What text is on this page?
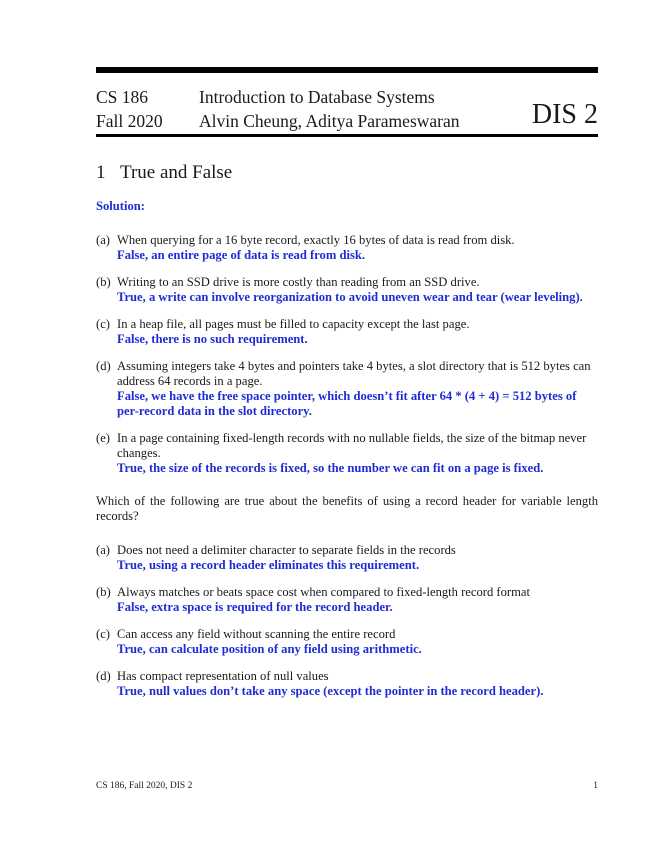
CS 186
Fall 2020
Introduction to Database Systems
Alvin Cheung, Aditya Parameswaran	DIS 2
1 True and False
Solution:
(a) When querying for a 16 byte record, exactly 16 bytes of data is read from disk.
False, an entire page of data is read from disk.
(b) Writing to an SSD drive is more costly than reading from an SSD drive.
True, a write can involve reorganization to avoid uneven wear and tear (wear leveling).
(c) In a heap file, all pages must be filled to capacity except the last page.
False, there is no such requirement.
(d) Assuming integers take 4 bytes and pointers take 4 bytes, a slot directory that is 512 bytes can address 64 records in a page.
False, we have the free space pointer, which doesn’t fit after 64 * (4 + 4) = 512 bytes of per-record data in the slot directory.
(e) In a page containing fixed-length records with no nullable fields, the size of the bitmap never changes.
True, the size of the records is fixed, so the number we can fit on a page is fixed.
Which of the following are true about the benefits of using a record header for variable length records?
(a) Does not need a delimiter character to separate fields in the records
True, using a record header eliminates this requirement.
(b) Always matches or beats space cost when compared to fixed-length record format
False, extra space is required for the record header.
(c) Can access any field without scanning the entire record
True, can calculate position of any field using arithmetic.
(d) Has compact representation of null values
True, null values don’t take any space (except the pointer in the record header).
CS 186, Fall 2020, DIS 2	1
